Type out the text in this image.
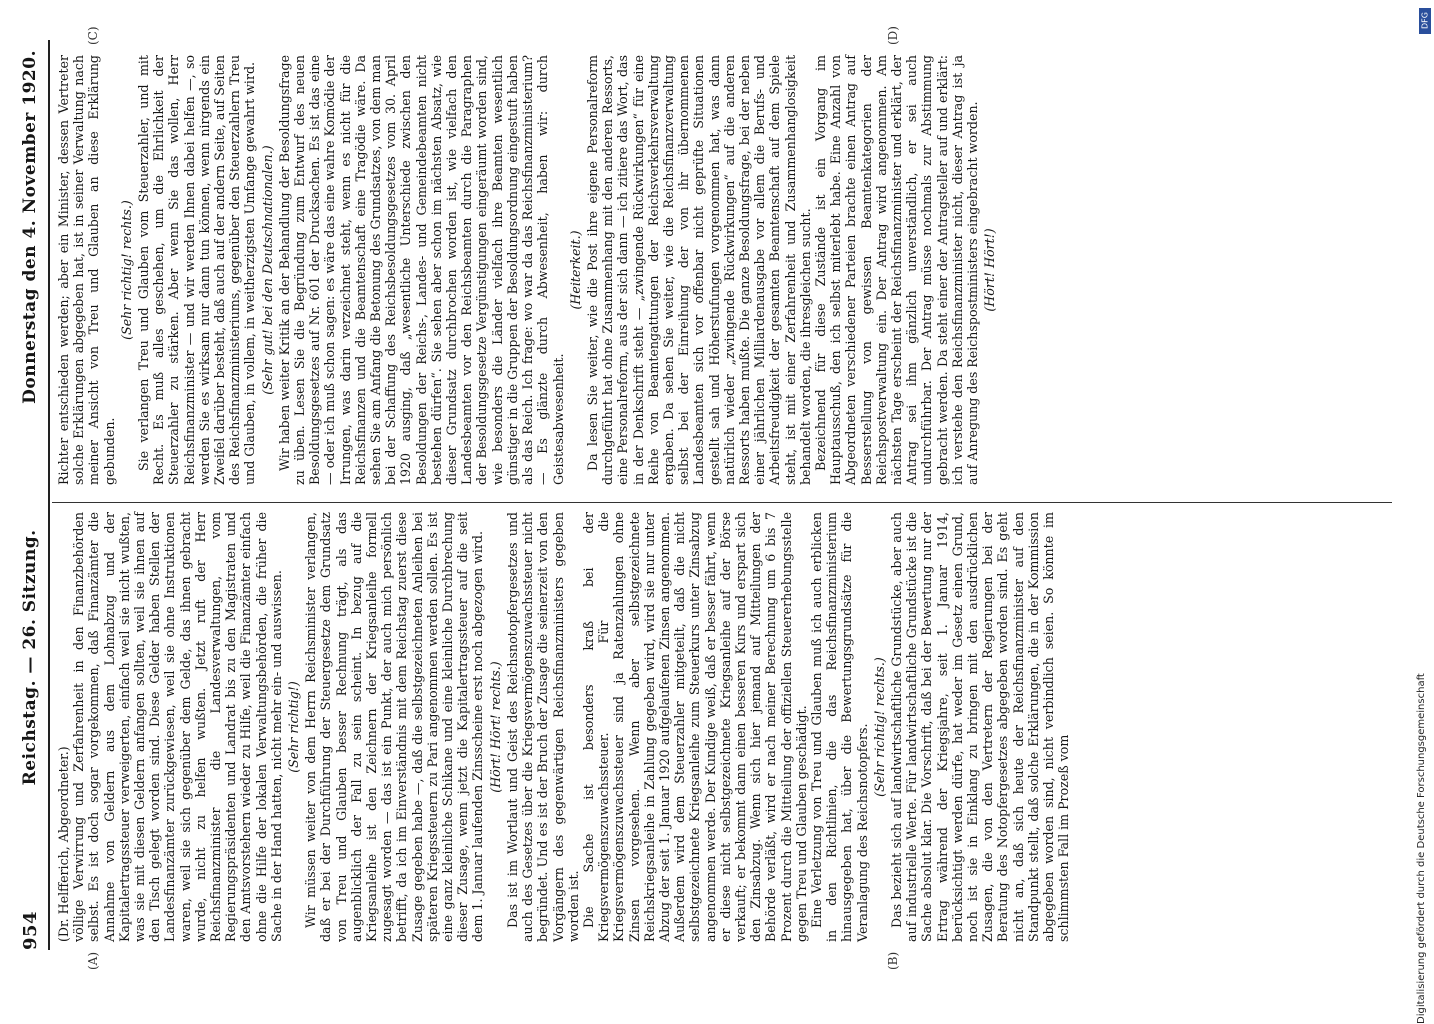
954
Reichstag. — 26. Sitzung.
Donnerstag den 4. November 1920.
(A)	(B)
(C)	(D)

(Dr. Helfferich, Abgeordneter.) völlige Verwirrung und Zerfahrenheit in den Finanzbehörden selbst. Es ist doch sogar vorgekommen, daß Finanzämter die Annahme von Geldern aus dem Lohnabzug und der Kapitalertragssteuer verweigerten, einfach weil sie nicht wußten, was sie mit diesen Geldern anfangen sollten, weil sie ihnen auf den Tisch gelegt worden sind. Diese Gelder haben Stellen der Landesfinanzämter zurückgewiesen, weil sie ohne Instruktionen waren, weil sie sich gegenüber dem Gelde, das ihnen gebracht wurde, nicht zu helfen wußten. Jetzt ruft der Herr Reichsfinanzminister die Landesverwaltungen, vom Regierungspräsidenten und Landrat bis zu den Magistraten und den Amtsvorstehern wieder zu Hilfe, weil die Finanzämter einfach ohne die Hilfe der lokalen Verwaltungsbehörden, die früher die Sache in der Hand hatten, nicht mehr ein- und auswissen. (Sehr richtig!) Wir müssen weiter von dem Herrn Reichsminister verlangen, daß er bei der Durchführung der Steuergesetze dem Grundsatz von Treu und Glauben besser Rechnung trägt, als das augenblicklich der Fall zu sein scheint. In bezug auf die Kriegsanleihe ist den Zeichnern der Kriegsanleihe formell zugesagt worden — das ist ein Punkt, der auch mich persönlich betrifft, da ich im Einverständnis mit dem Reichstag zuerst diese Zusage gegeben habe —, daß die selbstgezeichneten Anleihen bei späteren Kriegssteuern zu Pari angenommen werden sollen. Es ist eine ganz kleinliche Schikane und eine kleinliche Durchbrechung dieser Zusage, wenn jetzt die Kapitalertragssteuer auf die seit dem 1. Januar laufenden Zinsscheine erst noch abgezogen wird. (Hört! Hört! rechts.) Das ist im Wortlaut und Geist des Reichsnotopfergesetzes und auch des Gesetzes über die Kriegsvermögenszuwachssteuer nicht begründet. Und es ist der Bruch der Zusage die seinerzeit von den Vorgängern des gegenwärtigen Reichsfinanzministers gegeben worden ist. Die Sache ist besonders kraß bei der Kriegsvermögenszuwachssteuer. Für die Kriegsvermögenszuwachssteuer sind ja Ratenzahlungen ohne Zinsen vorgesehen. Wenn aber selbstgezeichnete Reichskriegsanleihe in Zahlung gegeben wird, wird sie nur unter Abzug der seit 1. Januar 1920 aufgelaufenen Zinsen angenommen. Außerdem wird dem Steuerzahler mitgeteilt, daß die nicht selbstgezeichnete Kriegsanleihe zum Steuerkurs unter Zinsabzug angenommen werde. Der Kundige weiß, daß er besser fährt, wenn er diese nicht selbstgezeichnete Kriegsanleihe auf der Börse verkauft; er bekommt dann einen besseren Kurs und erspart sich den Zinsabzug. Wenn sich hier jemand auf Mitteilungen der Behörde verläßt, wird er nach meiner Berechnung um 6 bis 7 Prozent durch die Mitteilung der offiziellen Steuererhebungsstelle gegen Treu und Glauben geschädigt. Eine Verletzung von Treu und Glauben muß ich auch erblicken in den Richtlinien, die das Reichsfinanzministerium hinausgegeben hat, über die Bewertungsgrundsätze für die Veranlagung des Reichsnotopfers. (Sehr richtig! rechts.) Das bezieht sich auf landwirtschaftliche Grundstücke, aber auch auf industrielle Werte. Für landwirtschaftliche Grundstücke ist die Sache absolut klar. Die Vorschrift, daß bei der Bewertung nur der Ertrag während der Kriegsjahre, seit 1. Januar 1914, berücksichtigt werden dürfe, hat weder im Gesetz einen Grund, noch ist sie in Einklang zu bringen mit den ausdrücklichen Zusagen, die von den Vertretern der Regierungen bei der Beratung des Notopfergesetzes abgegeben worden sind. Es geht nicht an, daß sich heute der Reichsfinanzminister auf den Standpunkt stellt, daß solche Erklärungen, die in der Kommission abgegeben worden sind, nicht verbindlich seien. So könnte im schlimmsten Fall im Prozeß vom

Richter entschieden werden; aber ein Minister, dessen Vertreter solche Erklärungen abgegeben hat, ist in seiner Verwaltung nach meiner Ansicht von Treu und Glauben an diese Erklärung gebunden.

(Sehr richtig! rechts.) Sie verlangen Treu und Glauben vom Steuerzahler, und mit Recht. Es muß alles geschehen, um die Ehrlichkeit der Steuerzahler zu stärken. Aber wenn Sie das wollen, Herr Reichsfinanzminister — und wir werden Ihnen dabei helfen —, so werden Sie es wirksam nur dann tun können, wenn nirgends ein Zweifel darüber besteht, daß auch auf der andern Seite, auf Seiten des Reichsfinanzministeriums, gegenüber den Steuerzahlern Treu und Glauben, in vollem, in weitherzigsten Umfange gewahrt wird. (Sehr gut! bei den Deutschnationalen.) Wir haben weiter Kritik an der Behandlung der Besoldungsfrage zu üben. Lesen Sie die Begründung zum Entwurf des neuen Besoldungsgesetzes auf Nr. 601 der Drucksachen. Es ist das eine — oder ich muß schon sagen: es wäre das eine wahre Komödie der Irrungen, was darin verzeichnet steht, wenn es nicht für die Reichsfinanzen und die Beamtenschaft eine Tragödie wäre. Da sehen Sie am Anfang die Betonung des Grundsatzes, von dem man bei der Schaffung des Reichsbesoldungsgesetzes vom 30. April 1920 ausging, daß „wesentliche Unterschiede zwischen den Besoldungen der Reichs-, Landes- und Gemeindebeamten nicht bestehen dürfen“. Sie sehen aber schon im nächsten Absatz, wie dieser Grundsatz durchbrochen worden ist, wie vielfach den Landesbeamten vor den Reichsbeamten durch die Paragraphen der Besoldungsgesetze Vergünstigungen eingeräumt worden sind, wie besonders die Länder vielfach ihre Beamten wesentlich günstiger in die Gruppen der Besoldungsordnung eingestuft haben als das Reich. Ich frage: wo war da das Reichsfinanzministerium? — Es glänzte durch Abwesenheit, haben wir: durch Geistesabwesenheit.

(Heiterkeit.) Da lesen Sie weiter, wie die Post ihre eigene Personalreform durchgeführt hat ohne Zusammenhang mit den anderen Ressorts, eine Personalreform, aus der sich dann — ich zitiere das Wort, das in der Denkschrift steht — „zwingende Rückwirkungen“ für eine Reihe von Beamtengattungen der Reichsverkehrsverwaltung ergaben. Da sehen Sie weiter, wie die Reichsfinanzverwaltung selbst bei der Einreihung der von ihr übernommenen Landesbeamten sich vor offenbar nicht geprüfte Situationen gestellt sah und Höherstufungen vorgenommen hat, was dann natürlich wieder „zwingende Rückwirkungen“ auf die anderen Ressorts haben mußte. Die ganze Besoldungsfrage, bei der neben einer jährlichen Milliardenausgabe vor allem die Berufs- und Arbeitsfreudigkeit der gesamten Beamtenschaft auf dem Spiele steht, ist mit einer Zerfahrenheit und Zusammenhanglosigkeit behandelt worden, die ihresgleichen sucht. Bezeichnend für diese Zustände ist ein Vorgang im Hauptausschuß, den ich selbst miterlebt habe. Eine Anzahl von Abgeordneten verschiedener Parteien brachte einen Antrag auf Besserstellung von gewissen Beamtenkategorien der Reichspostverwaltung ein. Der Antrag wird angenommen. Am nächsten Tage erscheint der Reichsfinanzminister und erklärt, der Antrag sei ihm gänzlich unverständlich, er sei auch undurchführbar. Der Antrag müsse nochmals zur Abstimmung gebracht werden. Da steht einer der Antragsteller auf und erklärt: ich verstehe den Reichsfinanzminister nicht, dieser Antrag ist ja auf Anregung des Reichspostministers eingebracht worden. (Hört! Hört!)

DFG
Digitalisierung gefördert durch die Deutsche Forschungsgemeinschaft
